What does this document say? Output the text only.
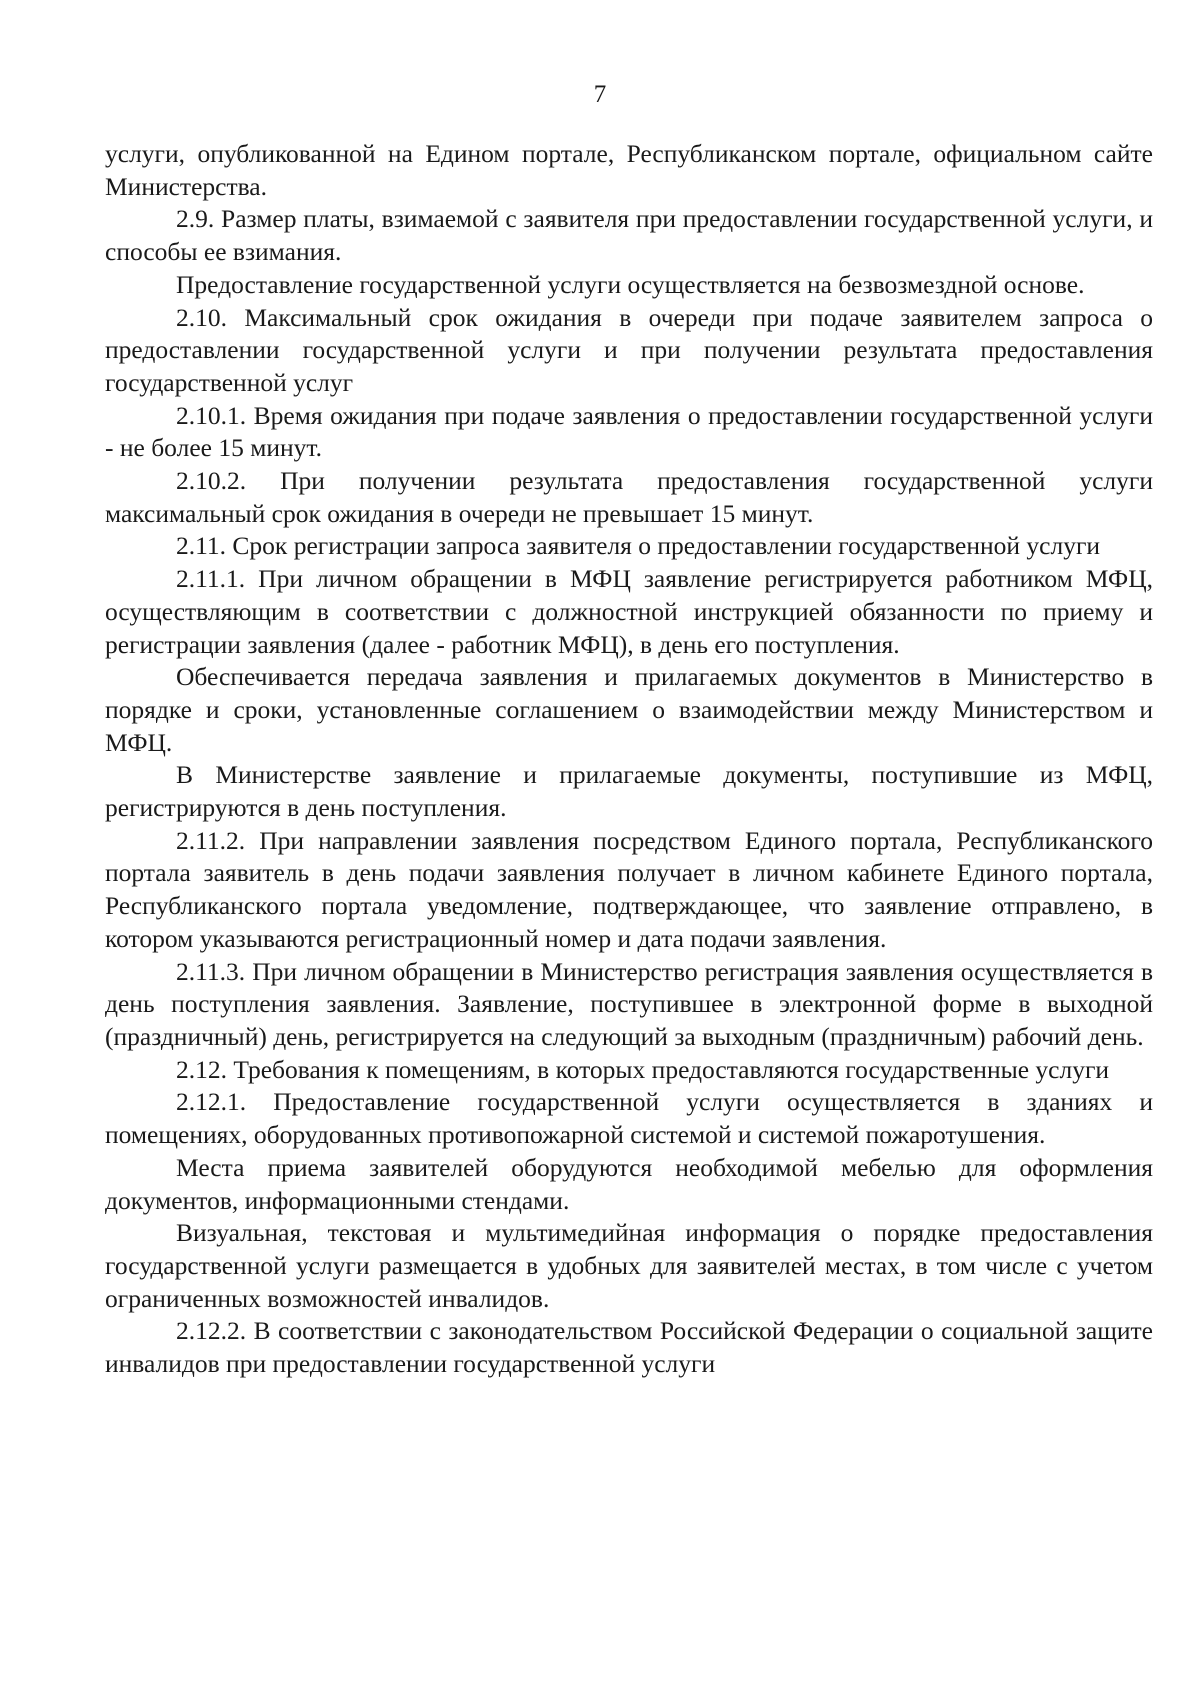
7

услуги, опубликованной на Едином портале, Республиканском портале, официальном сайте Министерства.

2.9. Размер платы, взимаемой с заявителя при предоставлении государственной услуги, и способы ее взимания.

Предоставление государственной услуги осуществляется на безвозмездной основе.

2.10. Максимальный срок ожидания в очереди при подаче заявителем запроса о предоставлении государственной услуги и при получении результата предоставления государственной услуг

2.10.1. Время ожидания при подаче заявления о предоставлении государственной услуги - не более 15 минут.

2.10.2. При получении результата предоставления государственной услуги максимальный срок ожидания в очереди не превышает 15 минут.

2.11. Срок регистрации запроса заявителя о предоставлении государственной услуги

2.11.1. При личном обращении в МФЦ заявление регистрируется работником МФЦ, осуществляющим в соответствии с должностной инструкцией обязанности по приему и регистрации заявления (далее - работник МФЦ), в день его поступления.

Обеспечивается передача заявления и прилагаемых документов в Министерство в порядке и сроки, установленные соглашением о взаимодействии между Министерством и МФЦ.

В Министерстве заявление и прилагаемые документы, поступившие из МФЦ, регистрируются в день поступления.

2.11.2. При направлении заявления посредством Единого портала, Республиканского портала заявитель в день подачи заявления получает в личном кабинете Единого портала, Республиканского портала уведомление, подтверждающее, что заявление отправлено, в котором указываются регистрационный номер и дата подачи заявления.

2.11.3. При личном обращении в Министерство регистрация заявления осуществляется в день поступления заявления. Заявление, поступившее в электронной форме в выходной (праздничный) день, регистрируется на следующий за выходным (праздничным) рабочий день.

2.12. Требования к помещениям, в которых предоставляются государственные услуги

2.12.1. Предоставление государственной услуги осуществляется в зданиях и помещениях, оборудованных противопожарной системой и системой пожаротушения.

Места приема заявителей оборудуются необходимой мебелью для оформления документов, информационными стендами.

Визуальная, текстовая и мультимедийная информация о порядке предоставления государственной услуги размещается в удобных для заявителей местах, в том числе с учетом ограниченных возможностей инвалидов.

2.12.2. В соответствии с законодательством Российской Федерации о социальной защите инвалидов при предоставлении государственной услуги
